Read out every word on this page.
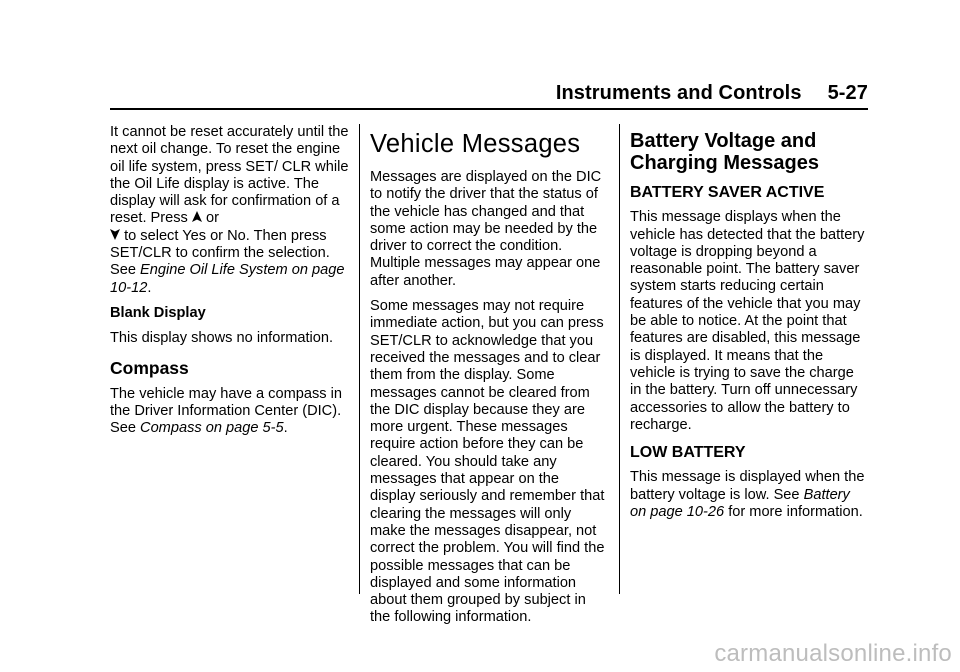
Instruments and Controls 5-27

It cannot be reset accurately until the next oil change. To reset the engine oil life system, press SET/ CLR while the Oil Life display is active. The display will ask for confirmation of a reset. Press or

to select Yes or No. Then press SET/CLR to confirm the selection. See Engine Oil Life System on page 10-12.

Blank Display

This display shows no information.

Compass

The vehicle may have a compass in the Driver Information Center (DIC). See Compass on page 5-5.

Vehicle Messages

Messages are displayed on the DIC to notify the driver that the status of the vehicle has changed and that some action may be needed by the driver to correct the condition. Multiple messages may appear one after another.

Some messages may not require immediate action, but you can press SET/CLR to acknowledge that you received the messages and to clear them from the display. Some messages cannot be cleared from the DIC display because they are more urgent. These messages require action before they can be cleared. You should take any messages that appear on the display seriously and remember that clearing the messages will only make the messages disappear, not correct the problem. You will find the possible messages that can be displayed and some information about them grouped by subject in the following information.

Battery Voltage and Charging Messages

BATTERY SAVER ACTIVE

This message displays when the vehicle has detected that the battery voltage is dropping beyond a reasonable point. The battery saver system starts reducing certain features of the vehicle that you may be able to notice. At the point that features are disabled, this message is displayed. It means that the vehicle is trying to save the charge in the battery. Turn off unnecessary accessories to allow the battery to recharge.

LOW BATTERY

This message is displayed when the battery voltage is low. See Battery on page 10-26 for more information.

carmanualsonline.info
